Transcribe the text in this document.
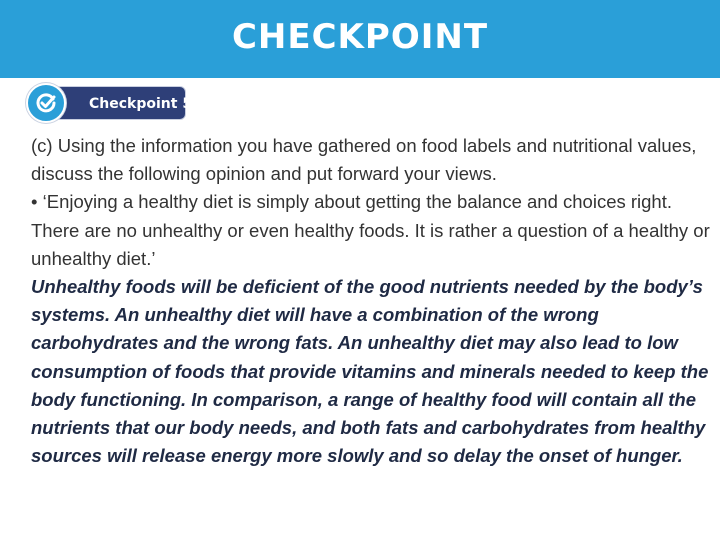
CHECKPOINT
Checkpoint 5

(c) Using the information you have gathered on food labels and nutritional values, discuss the following opinion and put forward your views.

• ‘Enjoying a healthy diet is simply about getting the balance and choices right. There are no unhealthy or even healthy foods. It is rather a question of a healthy or unhealthy diet.’

Unhealthy foods will be deficient of the good nutrients needed by the body’s systems. An unhealthy diet will have a combination of the wrong carbohydrates and the wrong fats. An unhealthy diet may also lead to low consumption of foods that provide vitamins and minerals needed to keep the body functioning. In comparison, a range of healthy food will contain all the nutrients that our body needs, and both fats and carbohydrates from healthy sources will release energy more slowly and so delay the onset of hunger.
